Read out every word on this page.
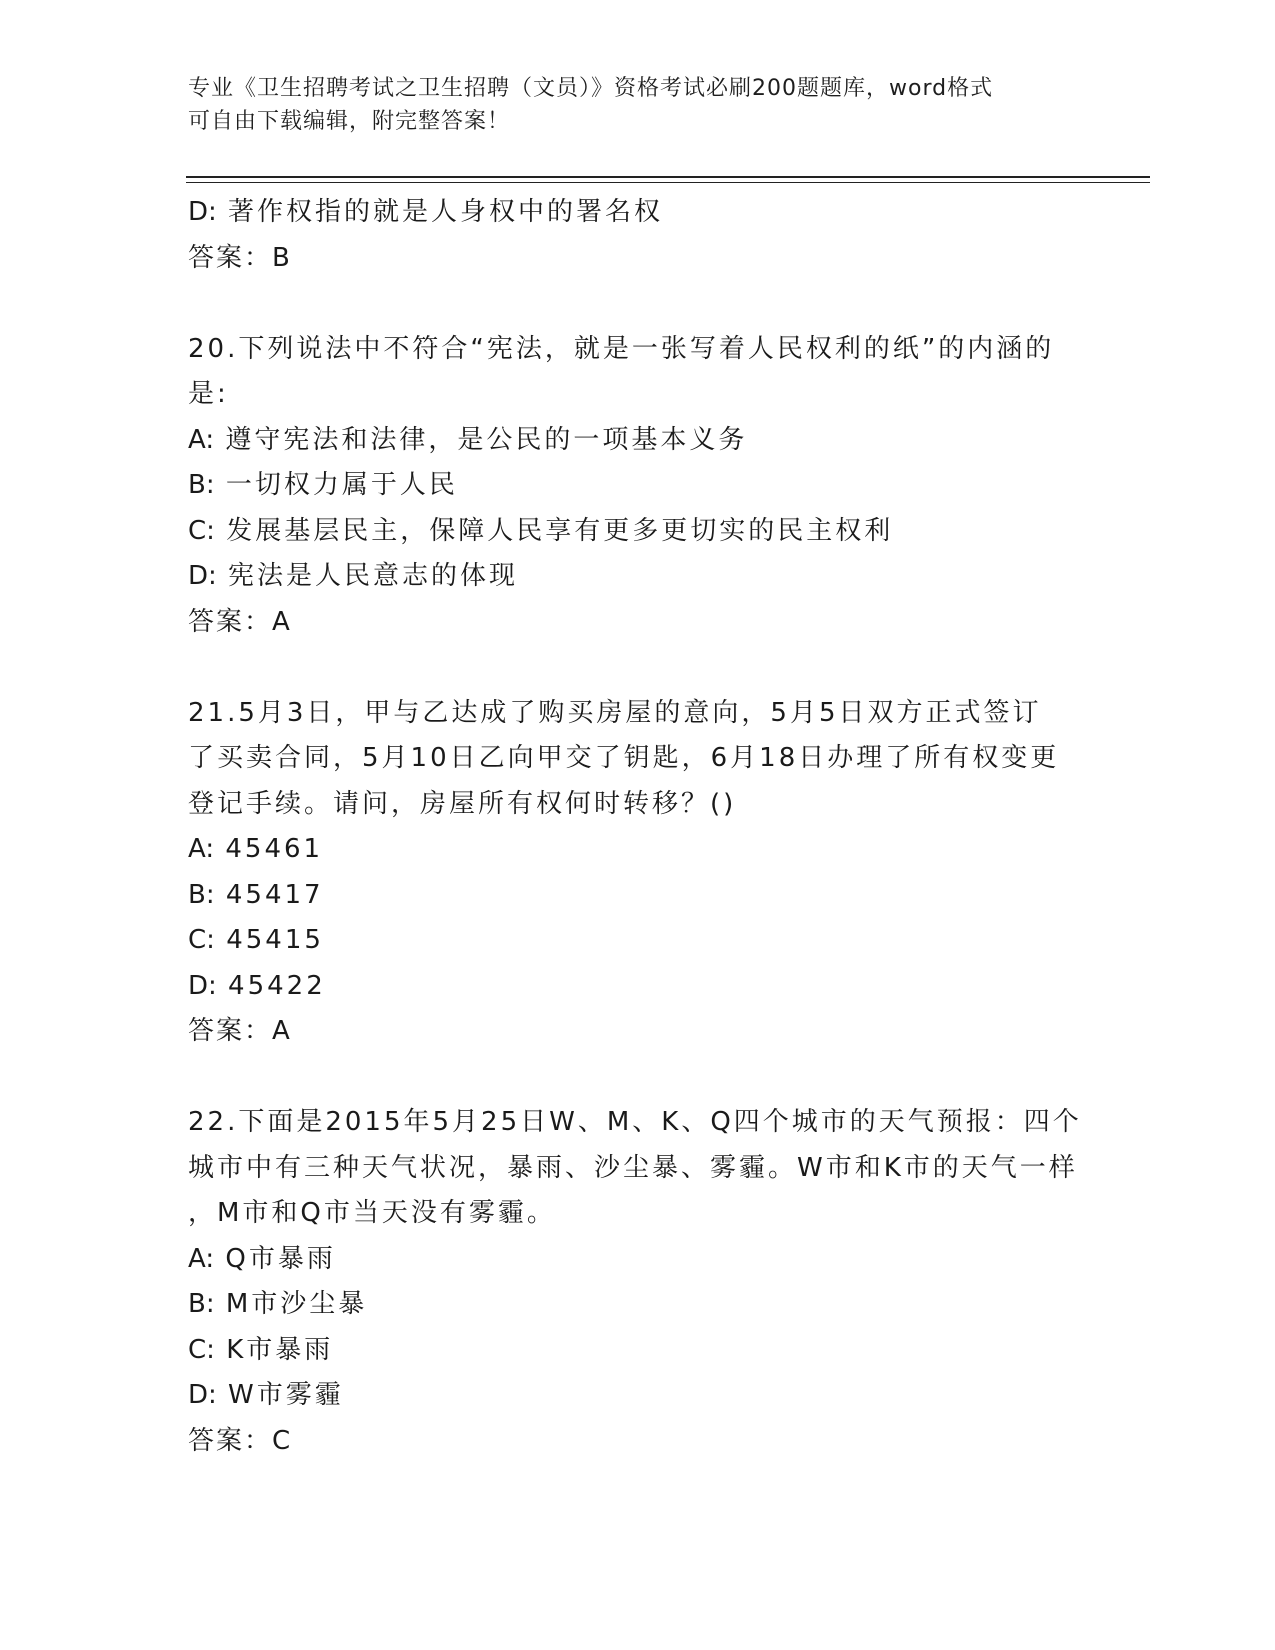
专业《卫生招聘考试之卫生招聘（文员）》资格考试必刷200题题库，word格式
可自由下载编辑，附完整答案！
D: 著作权指的就是人身权中的署名权
答案：B
20.下列说法中不符合“宪法，就是一张写着人民权利的纸”的内涵的
是:
A: 遵守宪法和法律，是公民的一项基本义务
B: 一切权力属于人民
C: 发展基层民主，保障人民享有更多更切实的民主权利
D: 宪法是人民意志的体现
答案：A
21.5月3日，甲与乙达成了购买房屋的意向，5月5日双方正式签订
了买卖合同，5月10日乙向甲交了钥匙，6月18日办理了所有权变更
登记手续。请问，房屋所有权何时转移？()
A: 45461
B: 45417
C: 45415
D: 45422
答案：A
22.下面是2015年5月25日W、M、K、Q四个城市的天气预报：四个
城市中有三种天气状况，暴雨、沙尘暴、雾霾。W市和K市的天气一样
，M市和Q市当天没有雾霾。
A: Q市暴雨
B: M市沙尘暴
C: K市暴雨
D: W市雾霾
答案：C
